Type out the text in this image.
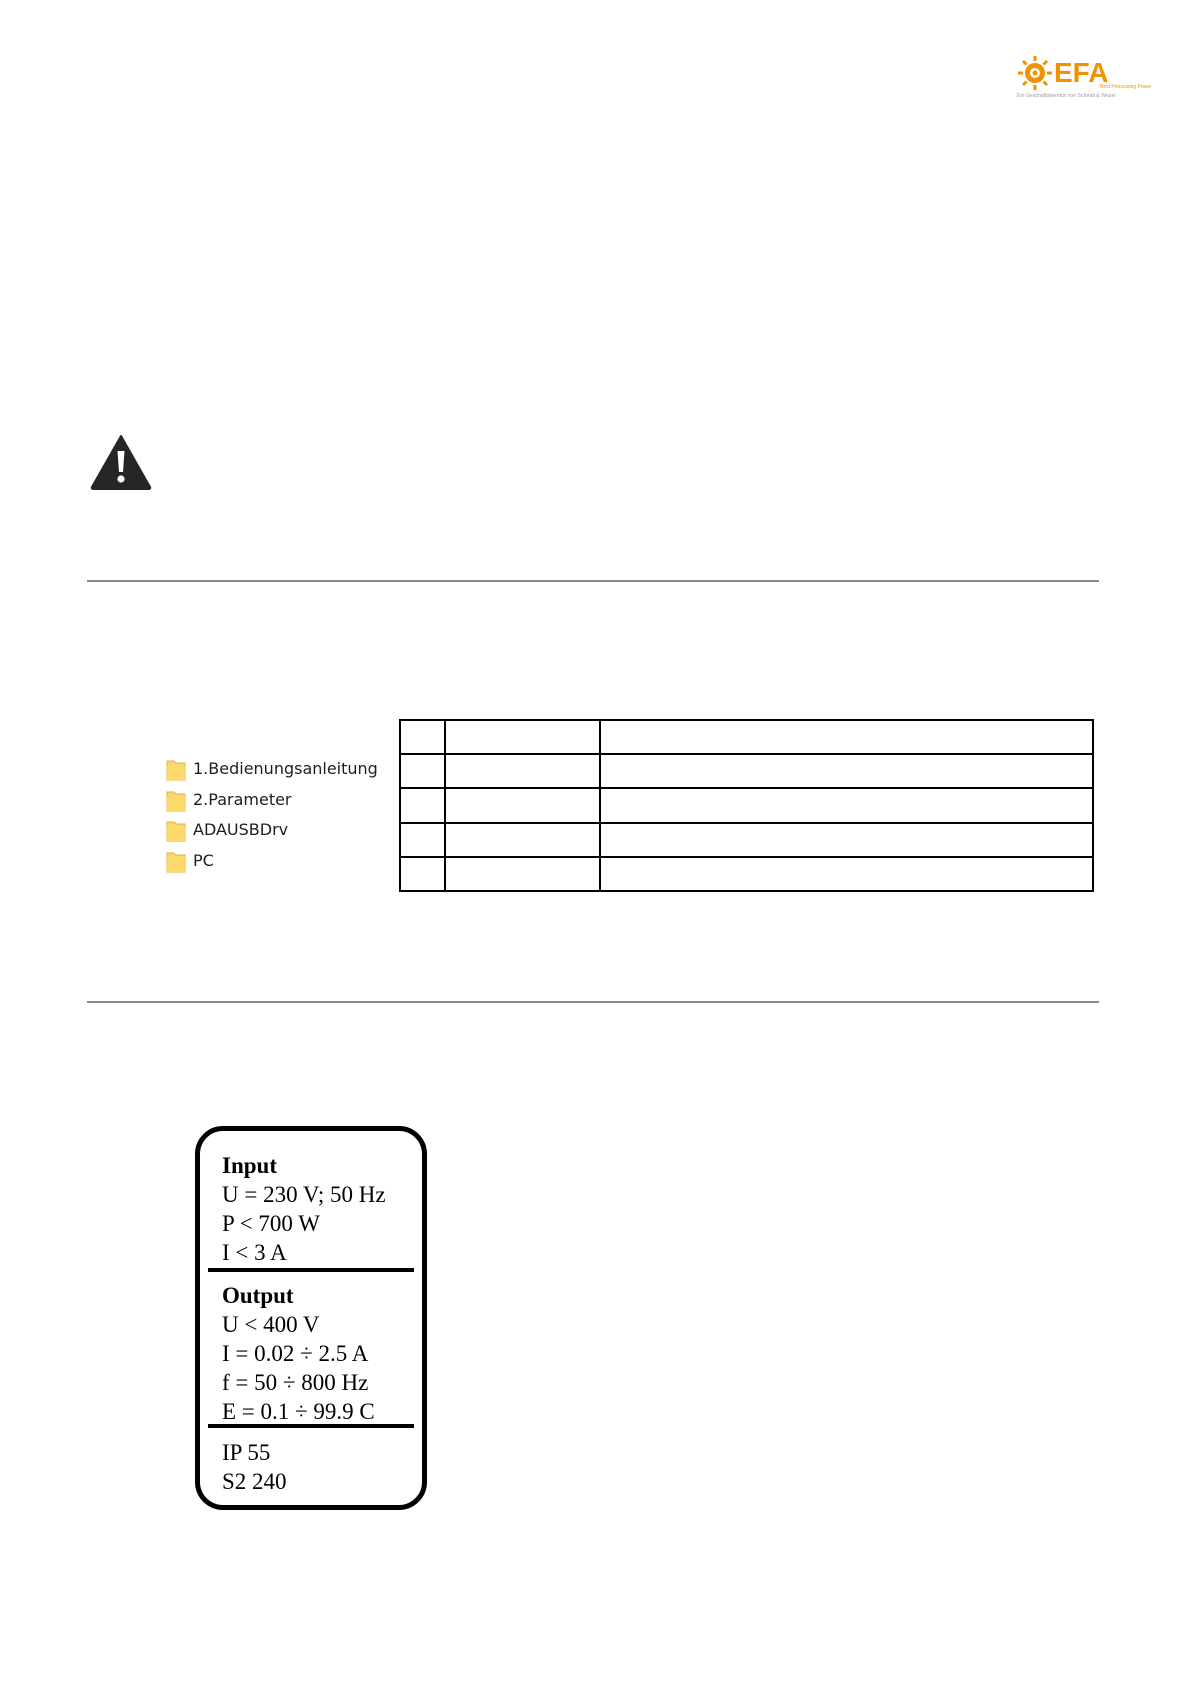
EFA
Best Processing Power
Ein Geschäftsbereich von Schmid & Wezel
1.Bedienungsanleitung
2.Parameter
ADAUSBDrv
PC

Input
U = 230 V; 50 Hz
P < 700 W
I < 3 A
Output
U < 400 V
I = 0.02 ÷ 2.5 A
f = 50 ÷ 800 Hz
E = 0.1 ÷ 99.9 C
IP 55
S2 240
